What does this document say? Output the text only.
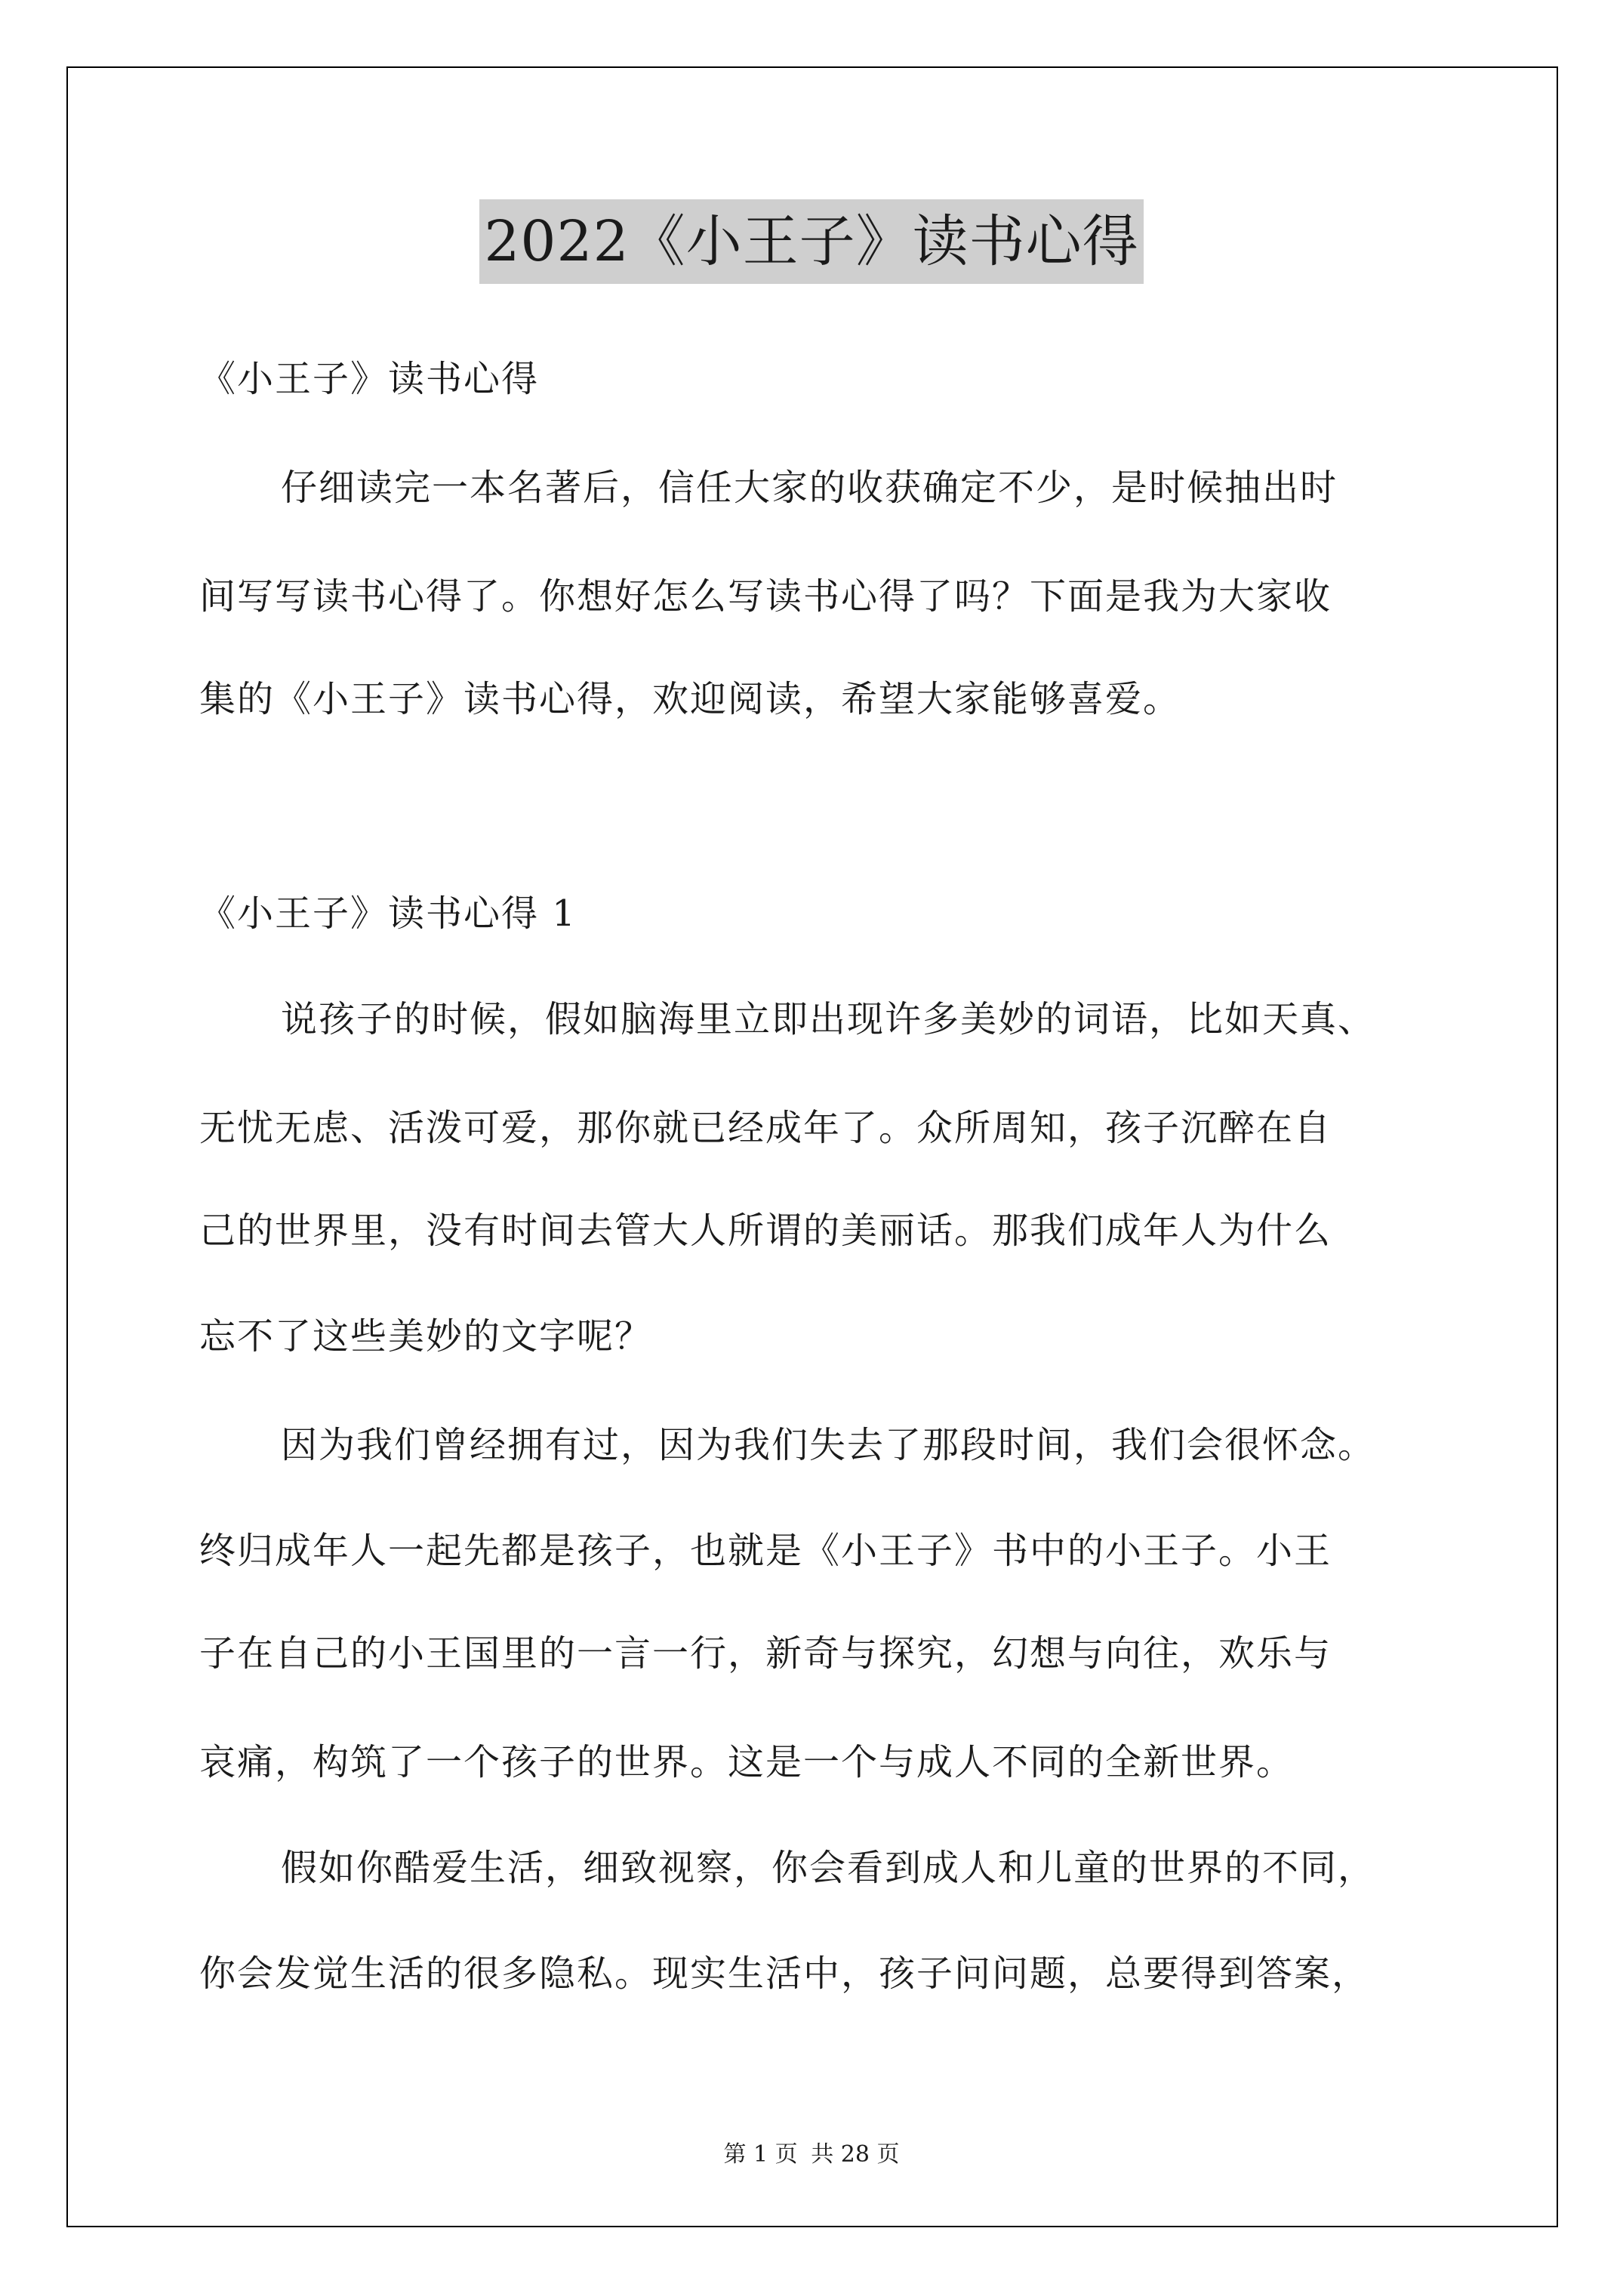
2022《小王子》读书心得
《小王子》读书心得
仔细读完一本名著后，信任大家的收获确定不少，是时候抽出时
间写写读书心得了。你想好怎么写读书心得了吗？下面是我为大家收
集的《小王子》读书心得，欢迎阅读，希望大家能够喜爱。
《小王子》读书心得 1
说孩子的时候，假如脑海里立即出现许多美妙的词语，比如天真、
无忧无虑、活泼可爱，那你就已经成年了。众所周知，孩子沉醉在自
己的世界里，没有时间去管大人所谓的美丽话。那我们成年人为什么
忘不了这些美妙的文字呢？
因为我们曾经拥有过，因为我们失去了那段时间，我们会很怀念。
终归成年人一起先都是孩子，也就是《小王子》书中的小王子。小王
子在自己的小王国里的一言一行，新奇与探究，幻想与向往，欢乐与
哀痛，构筑了一个孩子的世界。这是一个与成人不同的全新世界。
假如你酷爱生活，细致视察，你会看到成人和儿童的世界的不同，
你会发觉生活的很多隐私。现实生活中，孩子问问题，总要得到答案，
第 1 页 共 28 页
